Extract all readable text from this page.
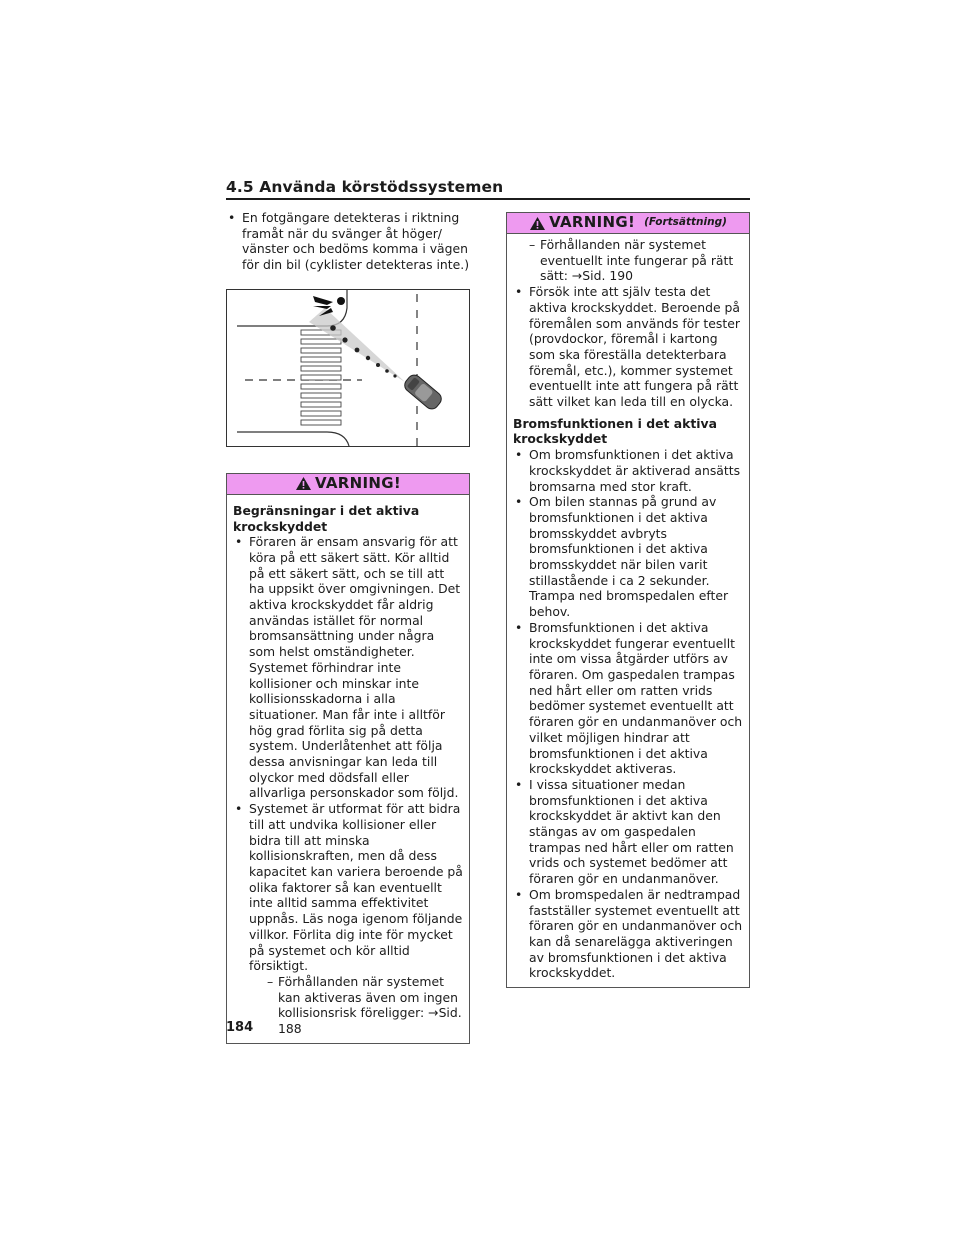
4.5 Använda körstödssystemen
• En fotgängare detekteras i riktning framåt när du svänger åt höger/ vänster och bedöms komma i vägen för din bil (cyklister detekteras inte.)
VARNING!
Begränsningar i det aktiva krockskyddet
• Föraren är ensam ansvarig för att köra på ett säkert sätt. Kör alltid på ett säkert sätt, och se till att ha uppsikt över omgivningen. Det aktiva krockskyddet får aldrig användas istället för normal bromsansättning under några som helst omständigheter. Systemet förhindrar inte kollisioner och minskar inte kollisionsskadorna i alla situationer. Man får inte i alltför hög grad förlita sig på detta system. Underlåtenhet att följa dessa anvisningar kan leda till olyckor med dödsfall eller allvarliga personskador som följd.
• Systemet är utformat för att bidra till att undvika kollisioner eller bidra till att minska kollisionskraften, men då dess kapacitet kan variera beroende på olika faktorer så kan eventuellt inte alltid samma effektivitet uppnås. Läs noga igenom följande villkor. Förlita dig inte för mycket på systemet och kör alltid försiktigt.
– Förhållanden när systemet kan aktiveras även om ingen kollisionsrisk föreligger: →Sid. 188
VARNING! (Fortsättning)
– Förhållanden när systemet eventuellt inte fungerar på rätt sätt: →Sid. 190
• Försök inte att själv testa det aktiva krockskyddet. Beroende på föremålen som används för tester (provdockor, föremål i kartong som ska föreställa detekterbara föremål, etc.), kommer systemet eventuellt inte att fungera på rätt sätt vilket kan leda till en olycka.
Bromsfunktionen i det aktiva krockskyddet
• Om bromsfunktionen i det aktiva krockskyddet är aktiverad ansätts bromsarna med stor kraft.
• Om bilen stannas på grund av bromsfunktionen i det aktiva bromsskyddet avbryts bromsfunktionen i det aktiva bromsskyddet när bilen varit stillastående i ca 2 sekunder. Trampa ned bromspedalen efter behov.
• Bromsfunktionen i det aktiva krockskyddet fungerar eventuellt inte om vissa åtgärder utförs av föraren. Om gaspedalen trampas ned hårt eller om ratten vrids bedömer systemet eventuellt att föraren gör en undanmanöver och vilket möjligen hindrar att bromsfunktionen i det aktiva krockskyddet aktiveras.
• I vissa situationer medan bromsfunktionen i det aktiva krockskyddet är aktivt kan den stängas av om gaspedalen trampas ned hårt eller om ratten vrids och systemet bedömer att föraren gör en undanmanöver.
• Om bromspedalen är nedtrampad fastställer systemet eventuellt att föraren gör en undanmanöver och kan då senarelägga aktiveringen av bromsfunktionen i det aktiva krockskyddet.
184
